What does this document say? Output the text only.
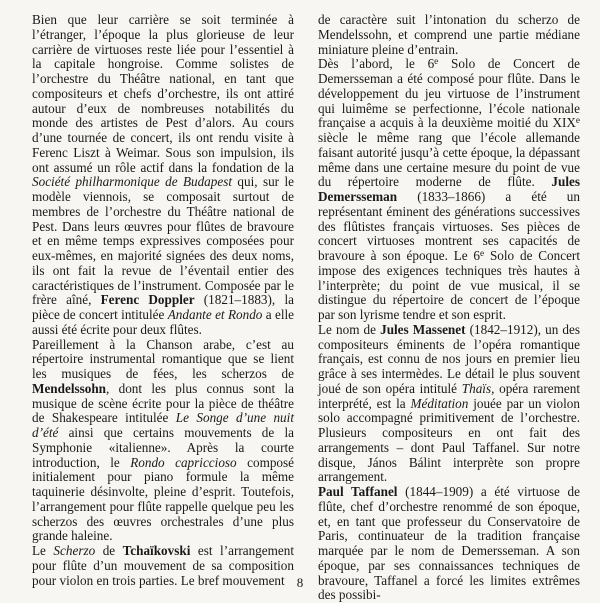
Bien que leur carrière se soit terminée à l’étranger, l’époque la plus glorieuse de leur carrière de virtuoses reste liée pour l’essentiel à la capitale hongroise. Comme solistes de l’orchestre du Théâtre national, en tant que compositeurs et chefs d’orchestre, ils ont attiré autour d’eux de nombreuses notabilités du monde des artistes de Pest d’alors. Au cours d’une tournée de concert, ils ont rendu visite à Ferenc Liszt à Weimar. Sous son impulsion, ils ont assumé un rôle actif dans la fondation de la Société philharmonique de Budapest qui, sur le modèle viennois, se composait surtout de membres de l’orchestre du Théâtre national de Pest. Dans leurs œuvres pour flûtes de bravoure et en même temps expressives composées pour eux-mêmes, en majorité signées des deux noms, ils ont fait la revue de l’éventail entier des caractéristiques de l’instrument. Composée par le frère aîné, Ferenc Doppler (1821–1883), la pièce de concert intitulée Andante et Rondo a elle aussi été écrite pour deux flûtes.

Pareillement à la Chanson arabe, c’est au répertoire instrumental romantique que se lient les musiques de fées, les scherzos de Mendelssohn, dont les plus connus sont la musique de scène écrite pour la pièce de théâtre de Shakespeare intitulée Le Songe d’une nuit d’été ainsi que certains mouvements de la Symphonie «italienne». Après la courte introduction, le Rondo capriccioso composé initialement pour piano formule la même taquinerie désinvolte, pleine d’esprit. Toutefois, l’arrangement pour flûte rappelle quelque peu les scherzos des œuvres orchestrales d’une plus grande haleine.

Le Scherzo de Tchaïkovski est l’arrangement pour flûte d’un mouvement de sa composition pour violon en trois parties. Le bref mouvement

de caractère suit l’intonation du scherzo de Mendelssohn, et comprend une partie médiane miniature pleine d’entrain.

Dès l’abord, le 6e Solo de Concert de Demersseman a été composé pour flûte. Dans le développement du jeu virtuose de l’instrument qui luimême se perfectionne, l’école nationale française a acquis à la deuxième moitié du XIXe siècle le même rang que l’école allemande faisant autorité jusqu’à cette époque, la dépassant même dans une certaine mesure du point de vue du répertoire moderne de flûte. Jules Demersseman (1833–1866) a été un représentant éminent des générations successives des flûtistes français virtuoses. Ses pièces de concert virtuoses montrent ses capacités de bravoure à son époque. Le 6e Solo de Concert impose des exigences techniques très hautes à l’interprète; du point de vue musical, il se distingue du répertoire de concert de l’époque par son lyrisme tendre et son esprit.

Le nom de Jules Massenet (1842–1912), un des compositeurs éminents de l’opéra romantique français, est connu de nos jours en premier lieu grâce à ses intermèdes. Le détail le plus souvent joué de son opéra intitulé Thaïs, opéra rarement interprété, est la Méditation jouée par un violon solo accompagné primitivement de l’orchestre. Plusieurs compositeurs en ont fait des arrangements – dont Paul Taffanel. Sur notre disque, János Bálint interprète son propre arrangement.

Paul Taffanel (1844–1909) a été virtuose de flûte, chef d’orchestre renommé de son époque, et, en tant que professeur du Conservatoire de Paris, continuateur de la tradition française marquée par le nom de Demersseman. A son époque, par ses connaissances techniques de bravoure, Taffanel a forcé les limites extrêmes des possibi-

8
